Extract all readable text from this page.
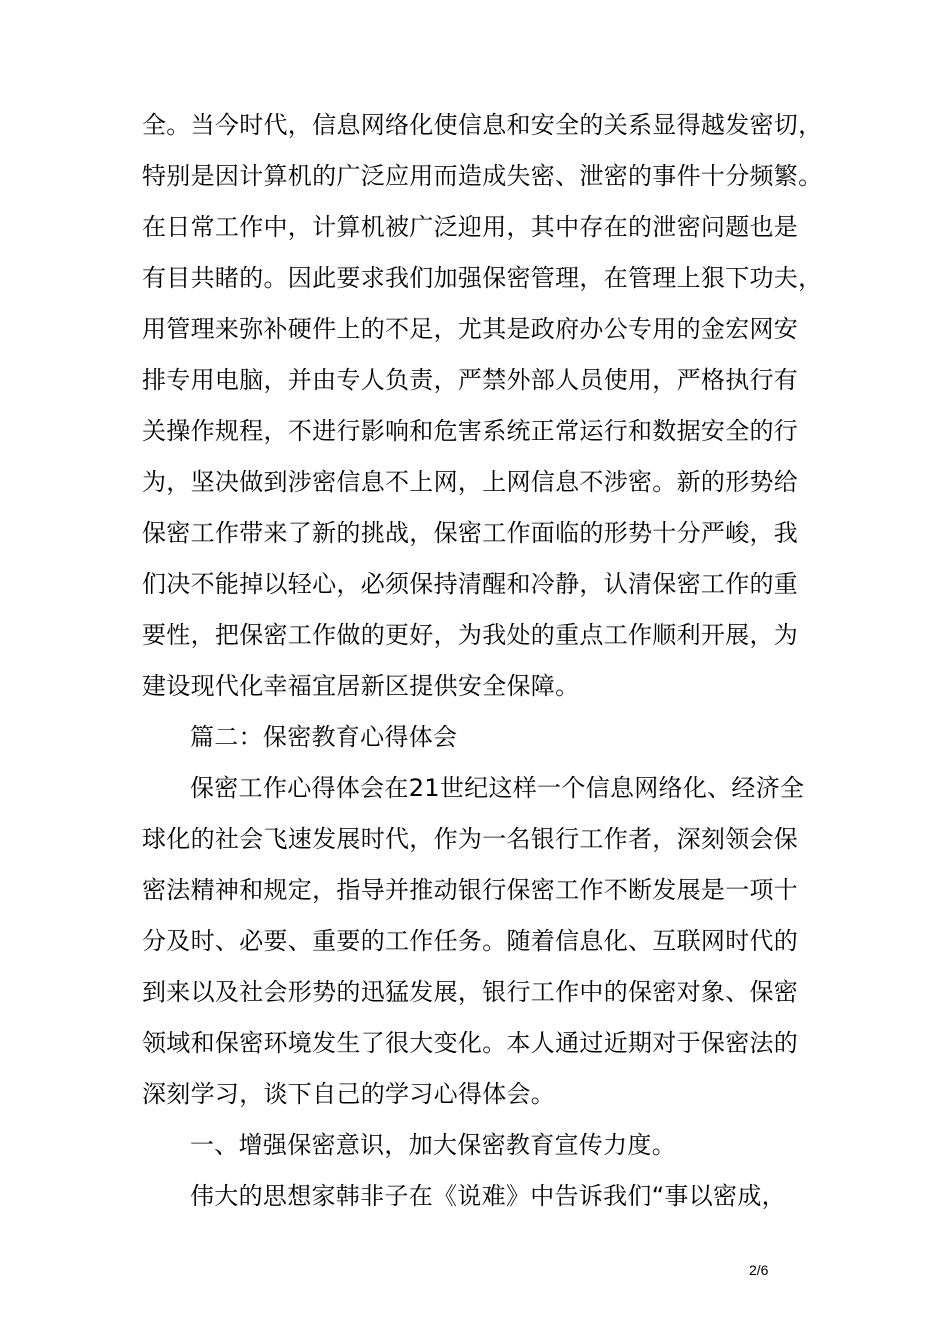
全。当今时代，信息网络化使信息和安全的关系显得越发密切，
特别是因计算机的广泛应用而造成失密、泄密的事件十分频繁。
在日常工作中，计算机被广泛迎用，其中存在的泄密问题也是
有目共睹的。因此要求我们加强保密管理，在管理上狠下功夫，
用管理来弥补硬件上的不足，尤其是政府办公专用的金宏网安
排专用电脑，并由专人负责，严禁外部人员使用，严格执行有
关操作规程，不进行影响和危害系统正常运行和数据安全的行
为，坚决做到涉密信息不上网，上网信息不涉密。新的形势给
保密工作带来了新的挑战，保密工作面临的形势十分严峻，我
们决不能掉以轻心，必须保持清醒和冷静，认清保密工作的重
要性，把保密工作做的更好，为我处的重点工作顺利开展，为
建设现代化幸福宜居新区提供安全保障。
篇二：保密教育心得体会
保密工作心得体会在21世纪这样一个信息网络化、经济全
球化的社会飞速发展时代，作为一名银行工作者，深刻领会保
密法精神和规定，指导并推动银行保密工作不断发展是一项十
分及时、必要、重要的工作任务。随着信息化、互联网时代的
到来以及社会形势的迅猛发展，银行工作中的保密对象、保密
领域和保密环境发生了很大变化。本人通过近期对于保密法的
深刻学习，谈下自己的学习心得体会。
一、增强保密意识，加大保密教育宣传力度。
伟大的思想家韩非子在《说难》中告诉我们“事以密成，
2/6
